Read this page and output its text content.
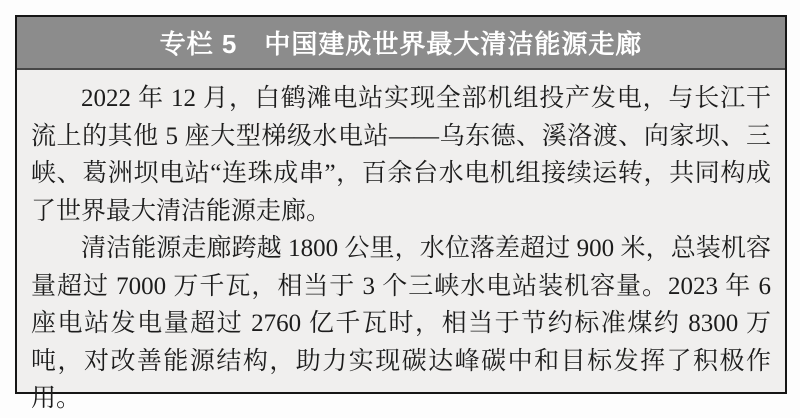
专栏 5　中国建成世界最大清洁能源走廊

2022 年 12 月，白鹤滩电站实现全部机组投产发电，与长江干流上的其他 5 座大型梯级水电站——乌东德、溪洛渡、向家坝、三峡、葛洲坝电站“连珠成串”，百余台水电机组接续运转，共同构成了世界最大清洁能源走廊。

清洁能源走廊跨越 1800 公里，水位落差超过 900 米，总装机容量超过 7000 万千瓦，相当于 3 个三峡水电站装机容量。2023 年 6 座电站发电量超过 2760 亿千瓦时，相当于节约标准煤约 8300 万吨，对改善能源结构，助力实现碳达峰碳中和目标发挥了积极作用。
